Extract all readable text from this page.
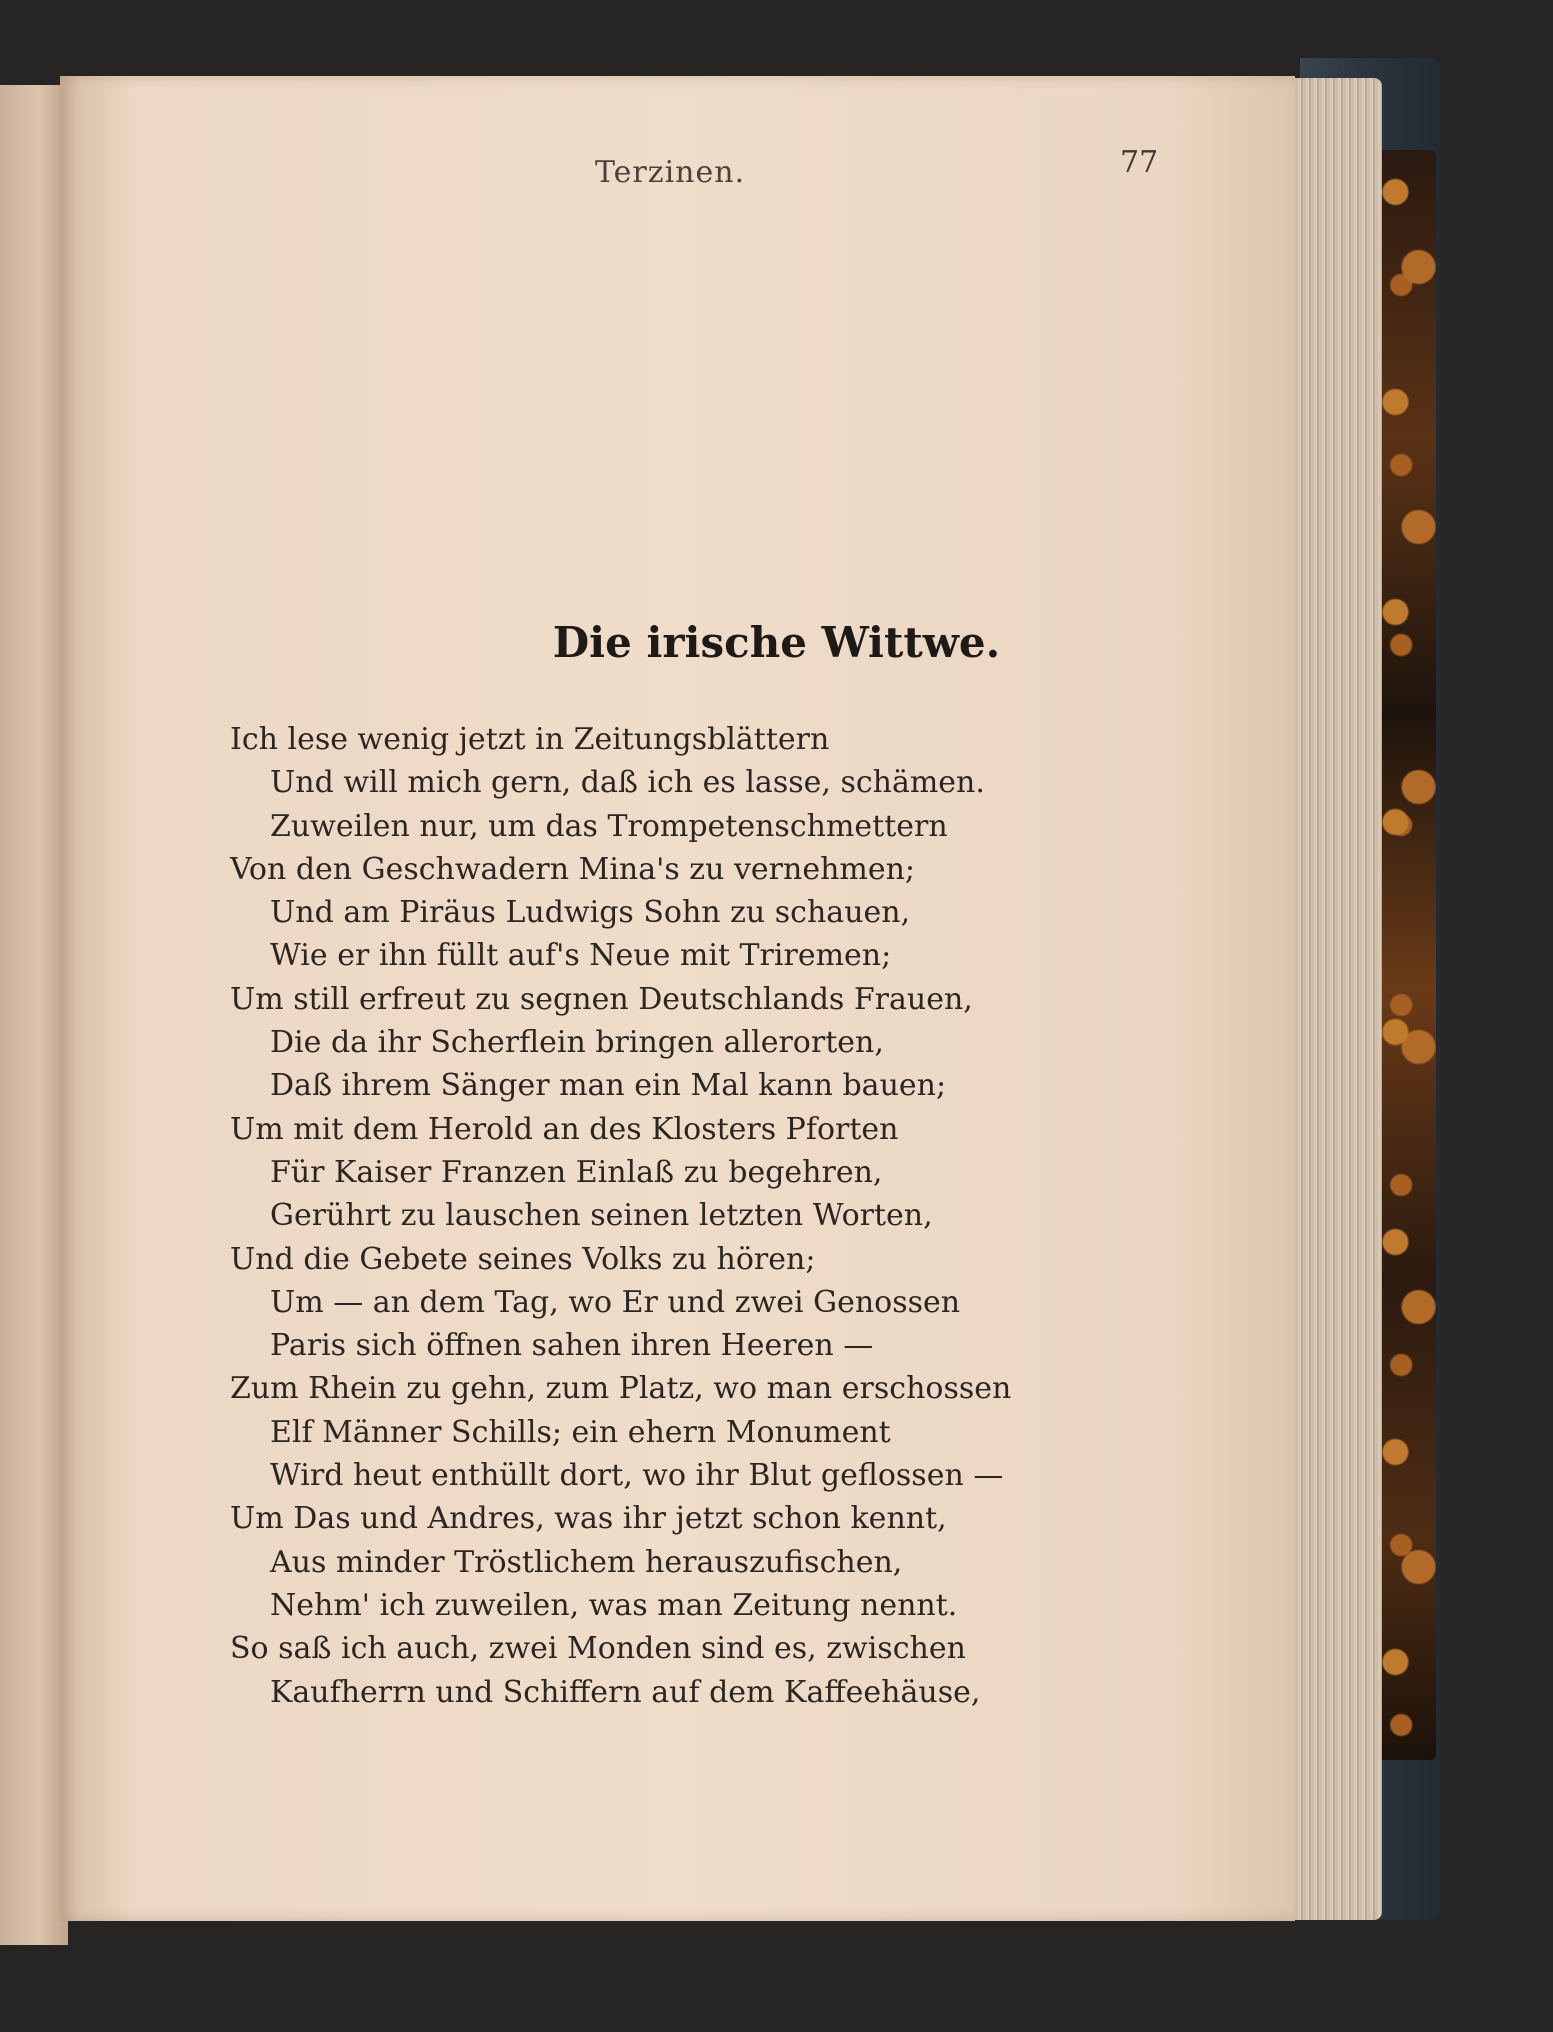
Terzinen.	77
Die irische Wittwe.
Ich lese wenig jetzt in Zeitungsblättern
Und will mich gern, daß ich es lasse, schämen.
Zuweilen nur, um das Trompetenschmettern
Von den Geschwadern Mina's zu vernehmen;
Und am Piräus Ludwigs Sohn zu schauen,
Wie er ihn füllt auf's Neue mit Triremen;
Um still erfreut zu segnen Deutschlands Frauen,
Die da ihr Scherflein bringen allerorten,
Daß ihrem Sänger man ein Mal kann bauen;
Um mit dem Herold an des Klosters Pforten
Für Kaiser Franzen Einlaß zu begehren,
Gerührt zu lauschen seinen letzten Worten,
Und die Gebete seines Volks zu hören;
Um — an dem Tag, wo Er und zwei Genossen
Paris sich öffnen sahen ihren Heeren —
Zum Rhein zu gehn, zum Platz, wo man erschossen
Elf Männer Schills; ein ehern Monument
Wird heut enthüllt dort, wo ihr Blut geflossen —
Um Das und Andres, was ihr jetzt schon kennt,
Aus minder Tröstlichem herauszufischen,
Nehm' ich zuweilen, was man Zeitung nennt.
So saß ich auch, zwei Monden sind es, zwischen
Kaufherrn und Schiffern auf dem Kaffeehäuse,
